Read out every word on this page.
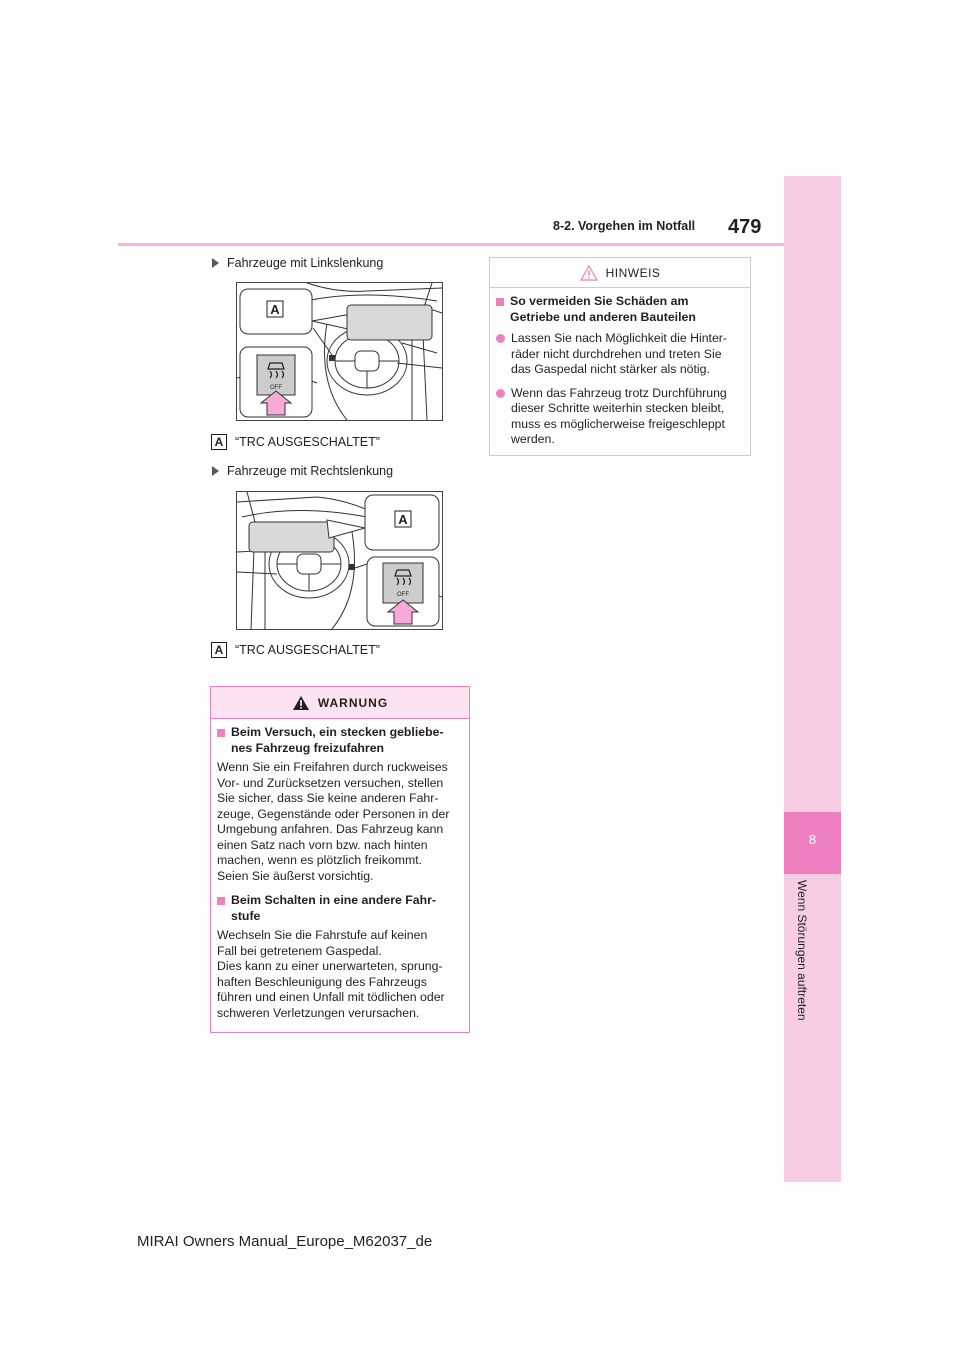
8
Wenn Störungen auftreten
8-2. Vorgehen im Notfall 479
Fahrzeuge mit Linkslenkung
A
OFF
A “TRC AUSGESCHALTET”
Fahrzeuge mit Rechtslenkung
A
OFF
A “TRC AUSGESCHALTET”
WARNUNG
Beim Versuch, ein stecken gebliebe-
nes Fahrzeug freizufahren

Wenn Sie ein Freifahren durch ruckweises
Vor- und Zurücksetzen versuchen, stellen
Sie sicher, dass Sie keine anderen Fahr-
zeuge, Gegenstände oder Personen in der
Umgebung anfahren. Das Fahrzeug kann
einen Satz nach vorn bzw. nach hinten
machen, wenn es plötzlich freikommt.
Seien Sie äußerst vorsichtig.

Beim Schalten in eine andere Fahr-
stufe

Wechseln Sie die Fahrstufe auf keinen
Fall bei getretenem Gaspedal.
Dies kann zu einer unerwarteten, sprung-
haften Beschleunigung des Fahrzeugs
führen und einen Unfall mit tödlichen oder
schweren Verletzungen verursachen.

HINWEIS
So vermeiden Sie Schäden am
Getriebe und anderen Bauteilen
Lassen Sie nach Möglichkeit die Hinter-
räder nicht durchdrehen und treten Sie
das Gaspedal nicht stärker als nötig.
Wenn das Fahrzeug trotz Durchführung
dieser Schritte weiterhin stecken bleibt,
muss es möglicherweise freigeschleppt
werden.
MIRAI Owners Manual_Europe_M62037_de
